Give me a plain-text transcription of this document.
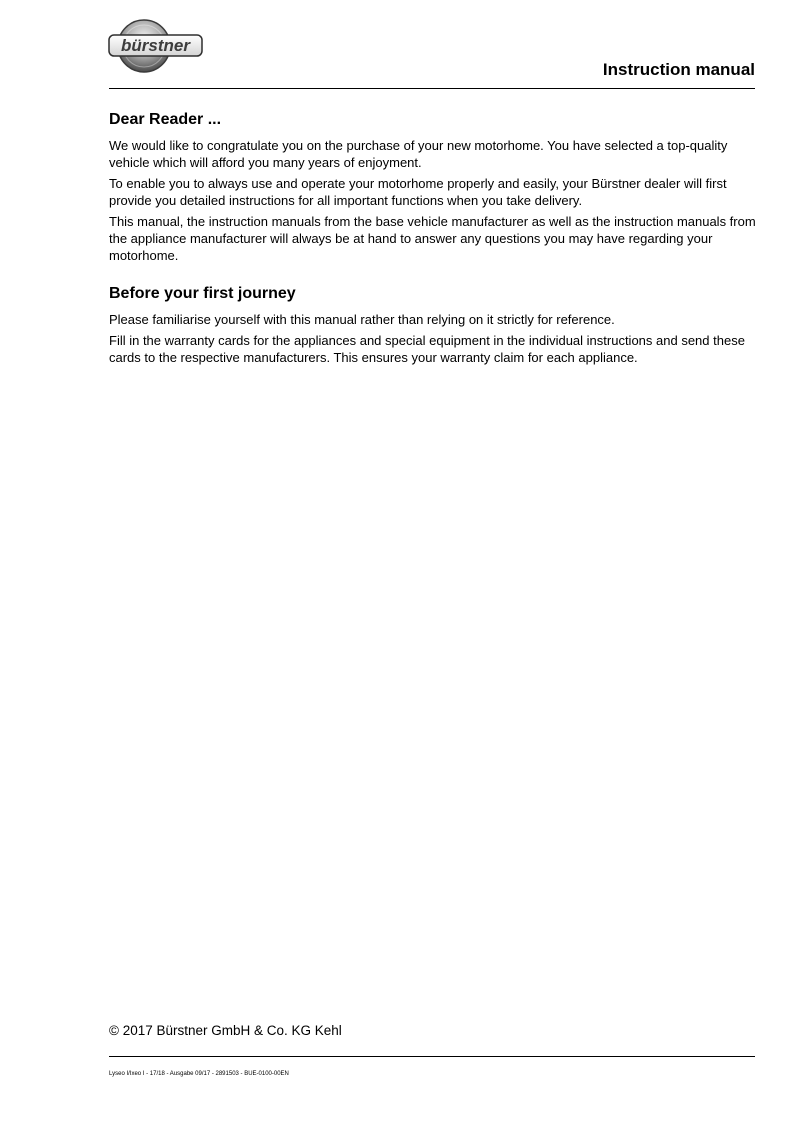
bürstner
Instruction manual
Dear Reader ...

We would like to congratulate you on the purchase of your new motorhome. You have selected a top-quality vehicle which will afford you many years of enjoyment.

To enable you to always use and operate your motorhome properly and easily, your Bürstner dealer will first provide you detailed instructions for all important functions when you take delivery.

This manual, the instruction manuals from the base vehicle manufacturer as well as the instruction manuals from the appliance manufacturer will always be at hand to answer any questions you may have regarding your motorhome.

Before your first journey

Please familiarise yourself with this manual rather than relying on it strictly for reference.

Fill in the warranty cards for the appliances and special equipment in the individual instructions and send these cards to the respective manufacturers. This ensures your warranty claim for each appliance.

© 2017 Bürstner GmbH & Co. KG Kehl

Lyseo I/Ixeo I - 17/18 - Ausgabe 09/17 - 2891503 - BUE-0100-00EN
